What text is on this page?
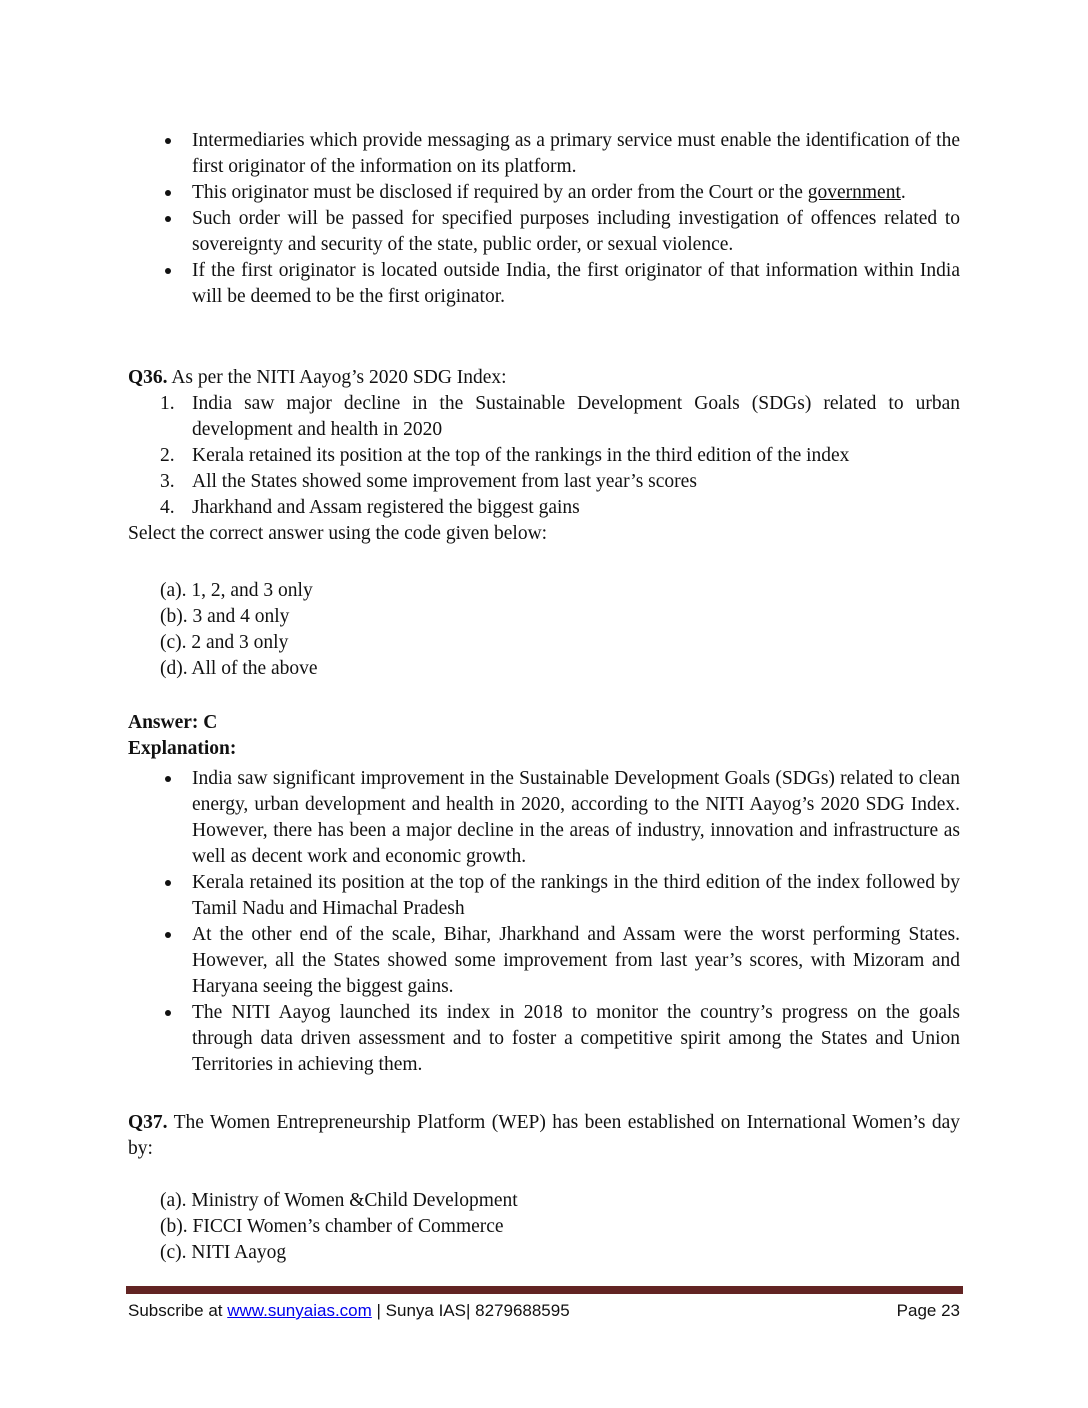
Intermediaries which provide messaging as a primary service must enable the identification of the first originator of the information on its platform.
This originator must be disclosed if required by an order from the Court or the government.
Such order will be passed for specified purposes including investigation of offences related to sovereignty and security of the state, public order, or sexual violence.
If the first originator is located outside India, the first originator of that information within India will be deemed to be the first originator.
Q36. As per the NITI Aayog’s 2020 SDG Index:
1. India saw major decline in the Sustainable Development Goals (SDGs) related to urban development and health in 2020
2. Kerala retained its position at the top of the rankings in the third edition of the index
3. All the States showed some improvement from last year’s scores
4. Jharkhand and Assam registered the biggest gains
Select the correct answer using the code given below:
(a). 1, 2, and 3 only
(b). 3 and 4 only
(c). 2 and 3 only
(d). All of the above
Answer: C
Explanation:
India saw significant improvement in the Sustainable Development Goals (SDGs) related to clean energy, urban development and health in 2020, according to the NITI Aayog’s 2020 SDG Index. However, there has been a major decline in the areas of industry, innovation and infrastructure as well as decent work and economic growth.
Kerala retained its position at the top of the rankings in the third edition of the index followed by Tamil Nadu and Himachal Pradesh
At the other end of the scale, Bihar, Jharkhand and Assam were the worst performing States. However, all the States showed some improvement from last year’s scores, with Mizoram and Haryana seeing the biggest gains.
The NITI Aayog launched its index in 2018 to monitor the country’s progress on the goals through data driven assessment and to foster a competitive spirit among the States and Union Territories in achieving them.
Q37. The Women Entrepreneurship Platform (WEP) has been established on International Women’s day by:
(a). Ministry of Women &Child Development
(b). FICCI Women’s chamber of Commerce
(c). NITI Aayog
Subscribe at www.sunyaias.com | Sunya IAS| 8279688595	Page 23
